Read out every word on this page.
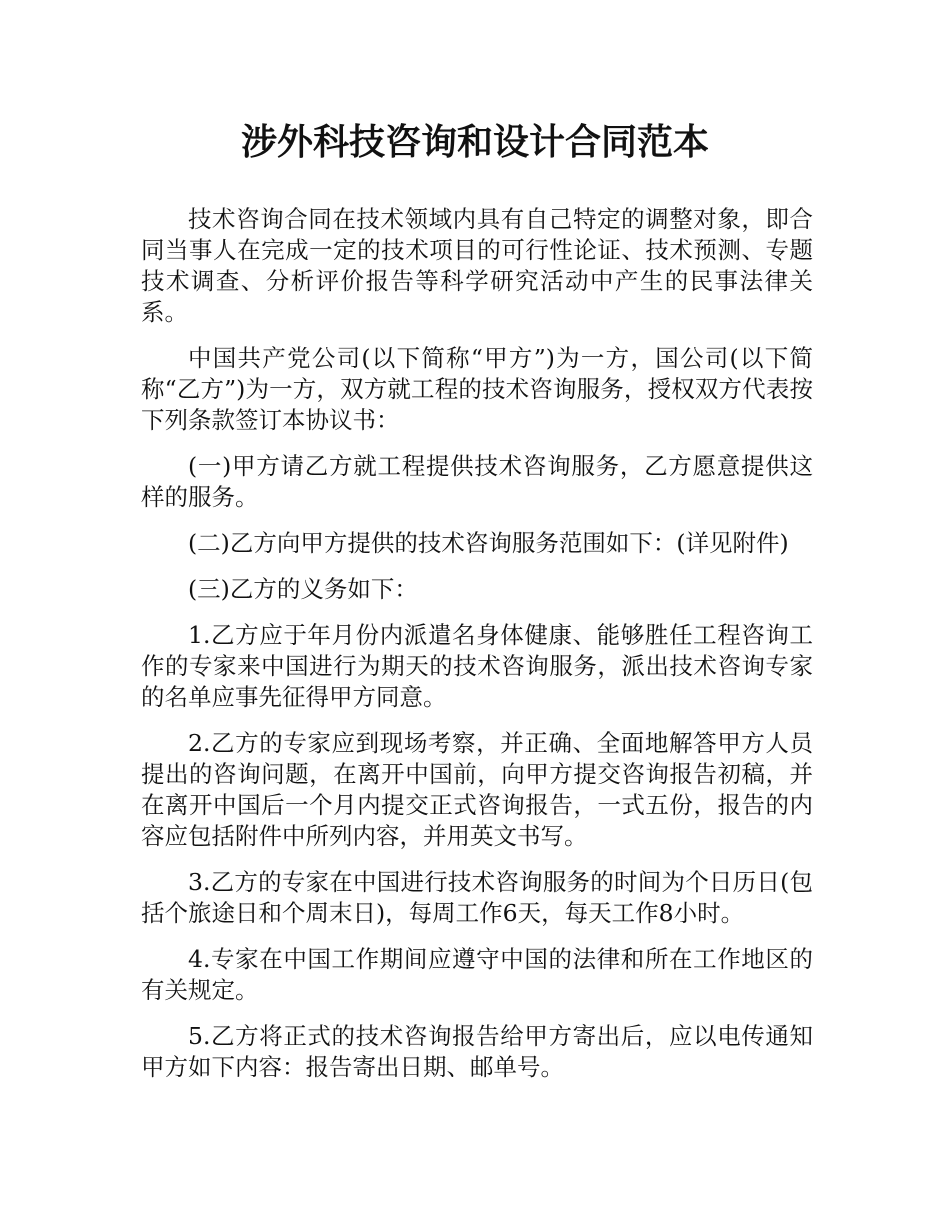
涉外科技咨询和设计合同范本

技术咨询合同在技术领域内具有自己特定的调整对象，即合同当事人在完成一定的技术项目的可行性论证、技术预测、专题技术调查、分析评价报告等科学研究活动中产生的民事法律关系。

中国共产党公司(以下简称“甲方”)为一方，国公司(以下简称“乙方”)为一方，双方就工程的技术咨询服务，授权双方代表按下列条款签订本协议书：

(一)甲方请乙方就工程提供技术咨询服务，乙方愿意提供这样的服务。

(二)乙方向甲方提供的技术咨询服务范围如下：(详见附件)

(三)乙方的义务如下：

1.乙方应于年月份内派遣名身体健康、能够胜任工程咨询工作的专家来中国进行为期天的技术咨询服务，派出技术咨询专家的名单应事先征得甲方同意。

2.乙方的专家应到现场考察，并正确、全面地解答甲方人员提出的咨询问题，在离开中国前，向甲方提交咨询报告初稿，并在离开中国后一个月内提交正式咨询报告，一式五份，报告的内容应包括附件中所列内容，并用英文书写。

3.乙方的专家在中国进行技术咨询服务的时间为个日历日(包括个旅途日和个周末日)，每周工作6天，每天工作8小时。

4.专家在中国工作期间应遵守中国的法律和所在工作地区的有关规定。

5.乙方将正式的技术咨询报告给甲方寄出后，应以电传通知甲方如下内容：报告寄出日期、邮单号。
